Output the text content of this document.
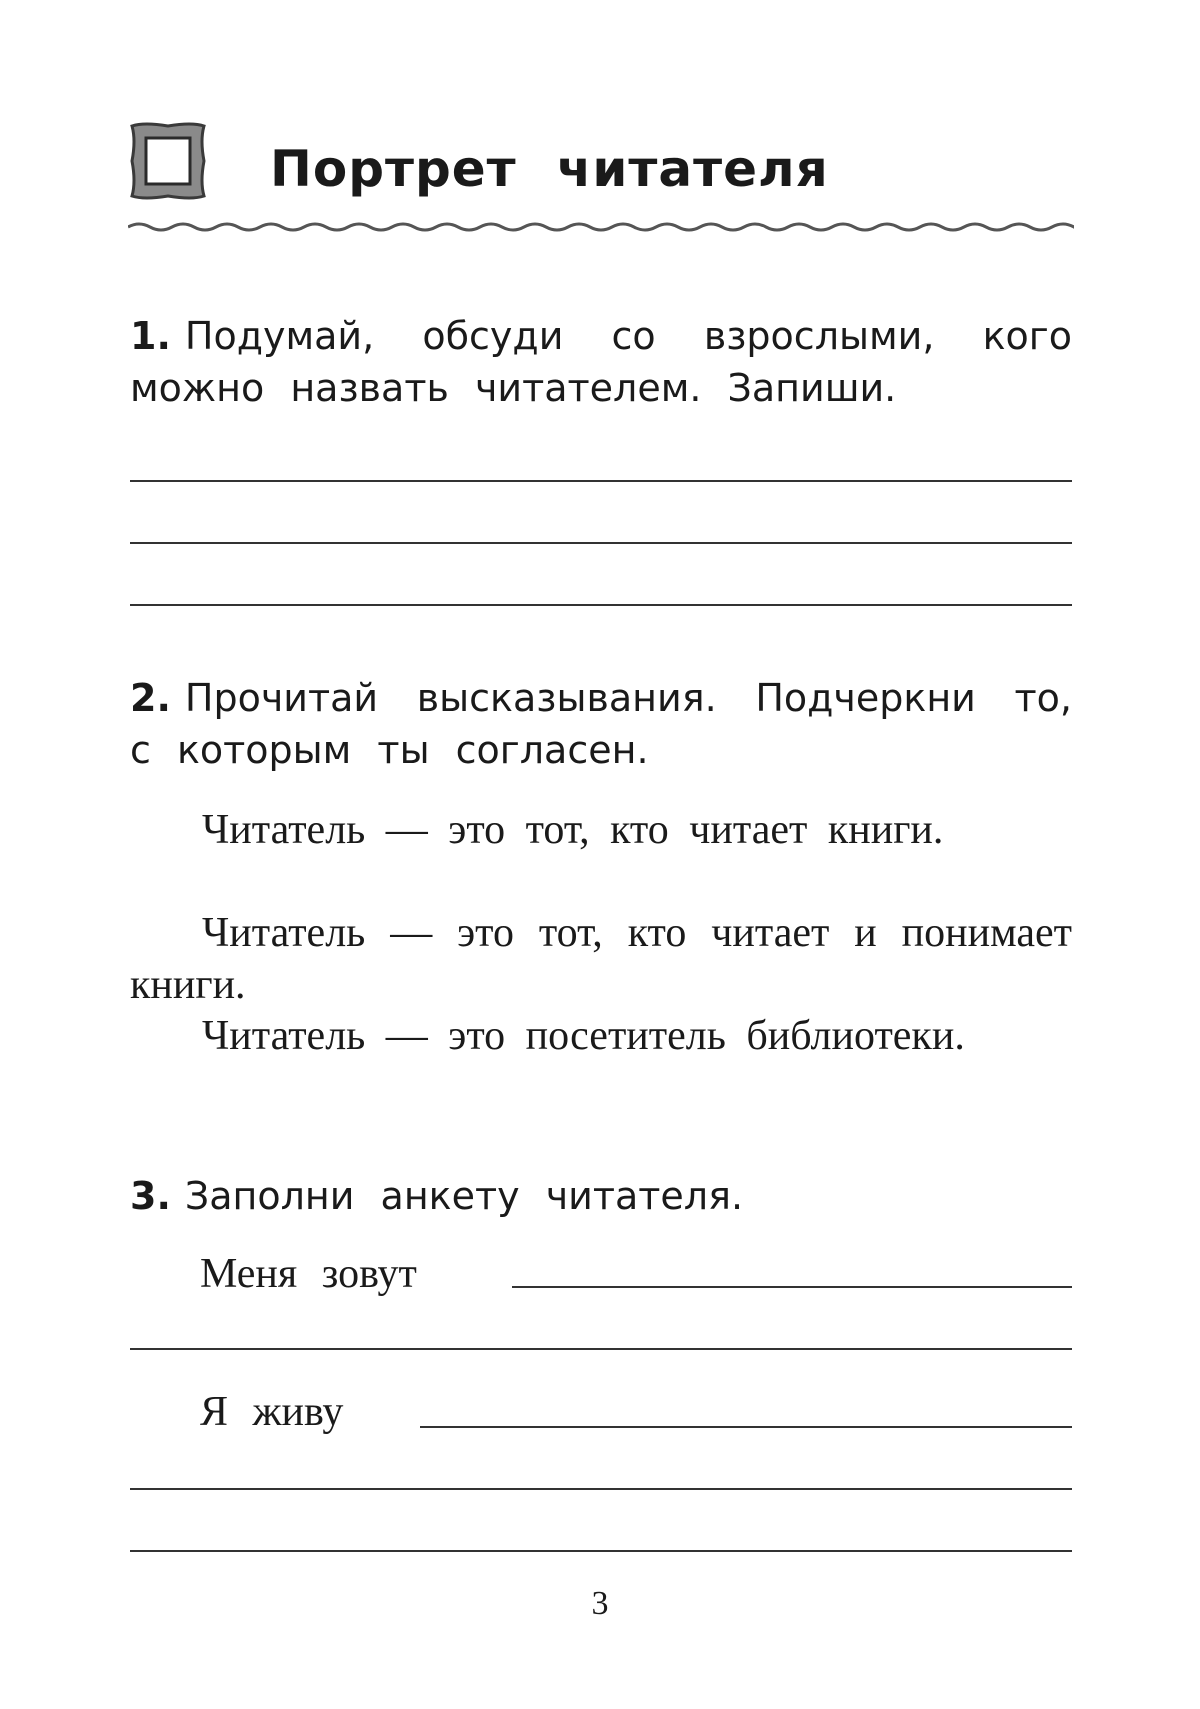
Портрет читателя
1. Подумай, обсуди со взрослыми, кого можно назвать читателем. Запиши.
2. Прочитай высказывания. Подчеркни то, с которым ты согласен.
Читатель — это тот, кто читает книги.
Читатель — это тот, кто читает и понимает книги.
Читатель — это посетитель библиотеки.
3. Заполни анкету читателя.
Меня зовут
Я живу
3
